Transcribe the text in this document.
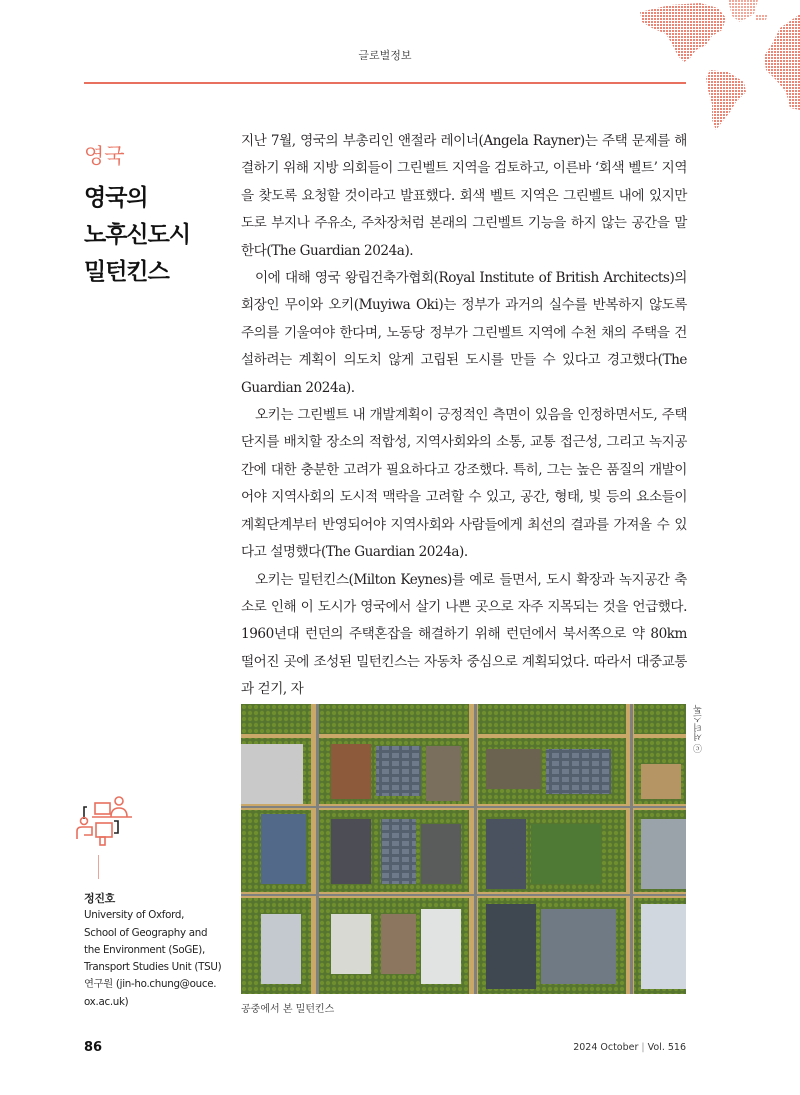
글로벌정보
영국
영국의
노후신도시
밀턴킨스

지난 7월, 영국의 부총리인 앤절라 레이너(Angela Rayner)는 주택 문제를 해결하기 위해 지방 의회들이 그린벨트 지역을 검토하고, 이른바 ‘회색 벨트’ 지역을 찾도록 요청할 것이라고 발표했다. 회색 벨트 지역은 그린벨트 내에 있지만 도로 부지나 주유소, 주차장처럼 본래의 그린벨트 기능을 하지 않는 공간을 말한다(The Guardian 2024a).

이에 대해 영국 왕립건축가협회(Royal Institute of British Architects)의 회장인 무이와 오키(Muyiwa Oki)는 정부가 과거의 실수를 반복하지 않도록 주의를 기울여야 한다며, 노동당 정부가 그린벨트 지역에 수천 채의 주택을 건설하려는 계획이 의도치 않게 고립된 도시를 만들 수 있다고 경고했다(The Guardian 2024a).

오키는 그린벨트 내 개발계획이 긍정적인 측면이 있음을 인정하면서도, 주택단지를 배치할 장소의 적합성, 지역사회와의 소통, 교통 접근성, 그리고 녹지공간에 대한 충분한 고려가 필요하다고 강조했다. 특히, 그는 높은 품질의 개발이어야 지역사회의 도시적 맥락을 고려할 수 있고, 공간, 형태, 빛 등의 요소들이 계획단계부터 반영되어야 지역사회와 사람들에게 최선의 결과를 가져올 수 있다고 설명했다(The Guardian 2024a).

오키는 밀턴킨스(Milton Keynes)를 예로 들면서, 도시 확장과 녹지공간 축소로 인해 이 도시가 영국에서 살기 나쁜 곳으로 자주 지목되는 것을 언급했다. 1960년대 런던의 주택혼잡을 해결하기 위해 런던에서 북서쪽으로 약 80km 떨어진 곳에 조성된 밀턴킨스는 자동차 중심으로 계획되었다. 따라서 대중교통과 걷기, 자

ⓒ 셔터스톡
공중에서 본 밀턴킨스
정진호
University of Oxford,
School of Geography and
the Environment (SoGE),
Transport Studies Unit (TSU)
연구원 (jin-ho.chung@ouce.
ox.ac.uk)
86	2024 October | Vol. 516
